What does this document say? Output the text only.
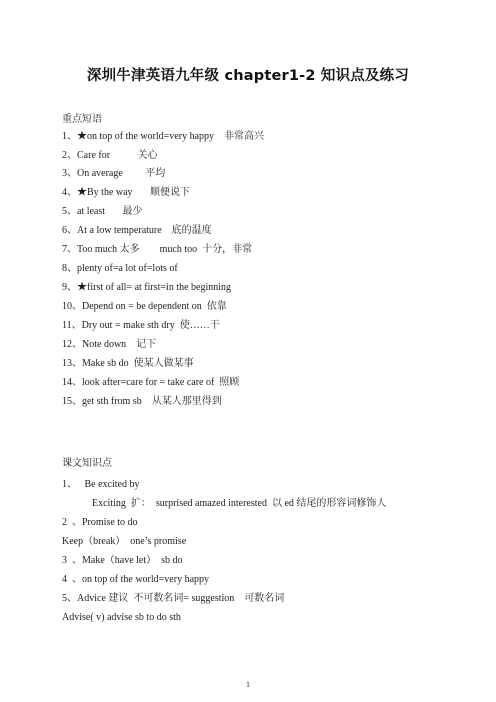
深圳牛津英语九年级 chapter1-2 知识点及练习
重点短语
1、★on top of the world=very happy    非常高兴
2、Care for           关心
3、On average         平均
4、★By the way       顺便说下
5、at least       最少
6、At a low temperature    底的温度
7、Too much 太多        much too  十分，非常
8、plenty of=a lot of=lots of
9、★first of all= at first=in the beginning
10、Depend on = be dependent on  依靠
11、Dry out = make sth dry  使……干
12、Note down    记下
13、Make sb do  使某人做某事
14、look after=care for = take care of  照顾
15、get sth from sb    从某人那里得到
课文知识点
1、   Be excited by
Exciting  扩：  surprised amazed interested  以 ed 结尾的形容词修饰人
2  、Promise to do
Keep（break）  one’s promise
3  、Make（have let）  sb do
4  、on top of the world=very happy
5、Advice 建议  不可数名词= suggestion    可数名词
Advise( v) advise sb to do sth
1
